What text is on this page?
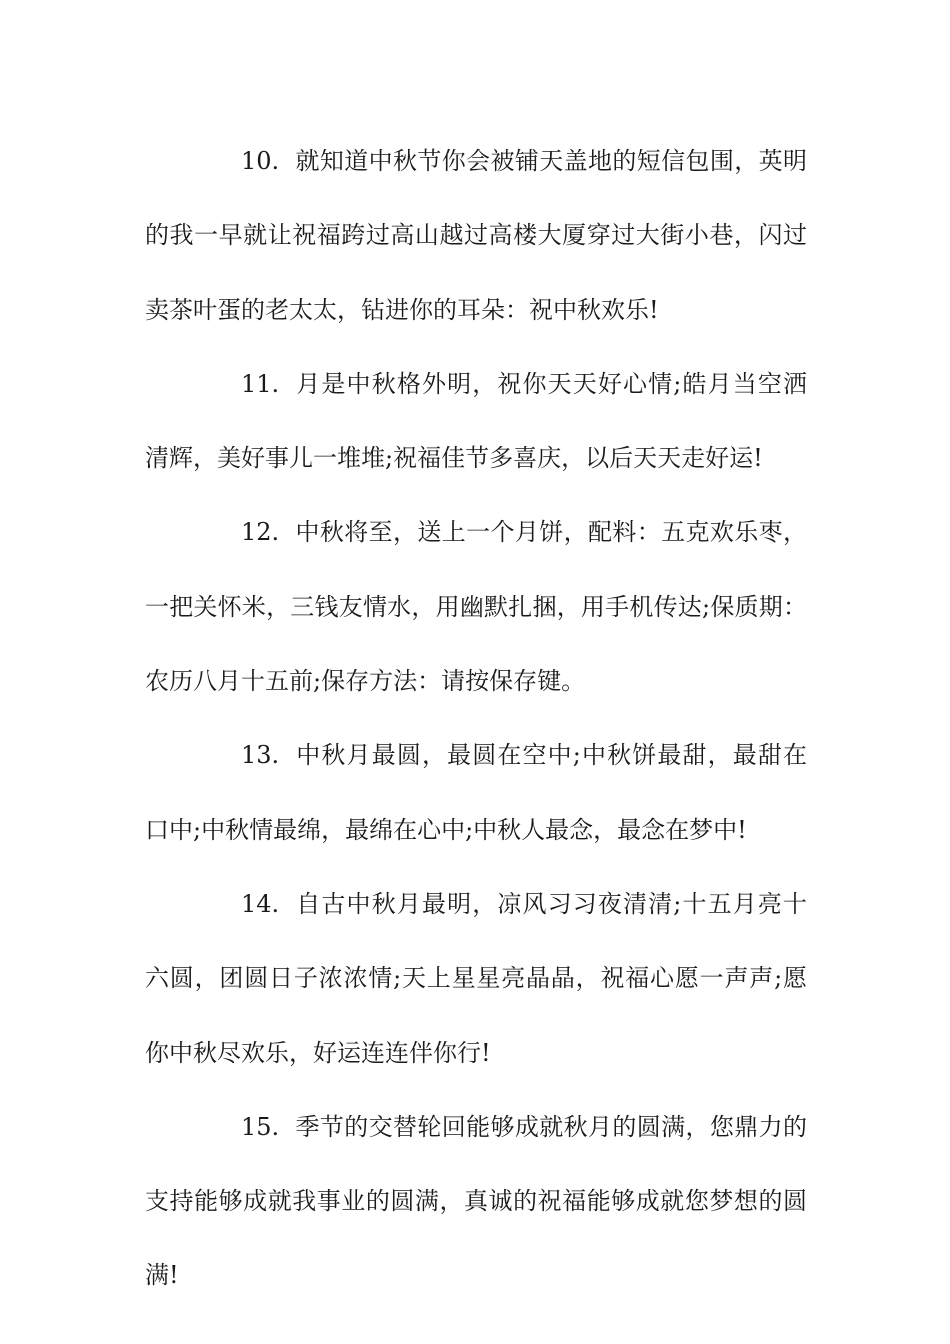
10. 就知道中秋节你会被铺天盖地的短信包围，英明的我一早就让祝福跨过高山越过高楼大厦穿过大街小巷，闪过卖茶叶蛋的老太太，钻进你的耳朵：祝中秋欢乐!

11. 月是中秋格外明，祝你天天好心情;皓月当空洒清辉，美好事儿一堆堆;祝福佳节多喜庆，以后天天走好运!

12. 中秋将至，送上一个月饼，配料：五克欢乐枣，一把关怀米，三钱友情水，用幽默扎捆，用手机传达;保质期：农历八月十五前;保存方法：请按保存键。

13. 中秋月最圆，最圆在空中;中秋饼最甜，最甜在口中;中秋情最绵，最绵在心中;中秋人最念，最念在梦中!

14. 自古中秋月最明，凉风习习夜清清;十五月亮十六圆，团圆日子浓浓情;天上星星亮晶晶，祝福心愿一声声;愿你中秋尽欢乐，好运连连伴你行!

15. 季节的交替轮回能够成就秋月的圆满，您鼎力的支持能够成就我事业的圆满，真诚的祝福能够成就您梦想的圆满!
